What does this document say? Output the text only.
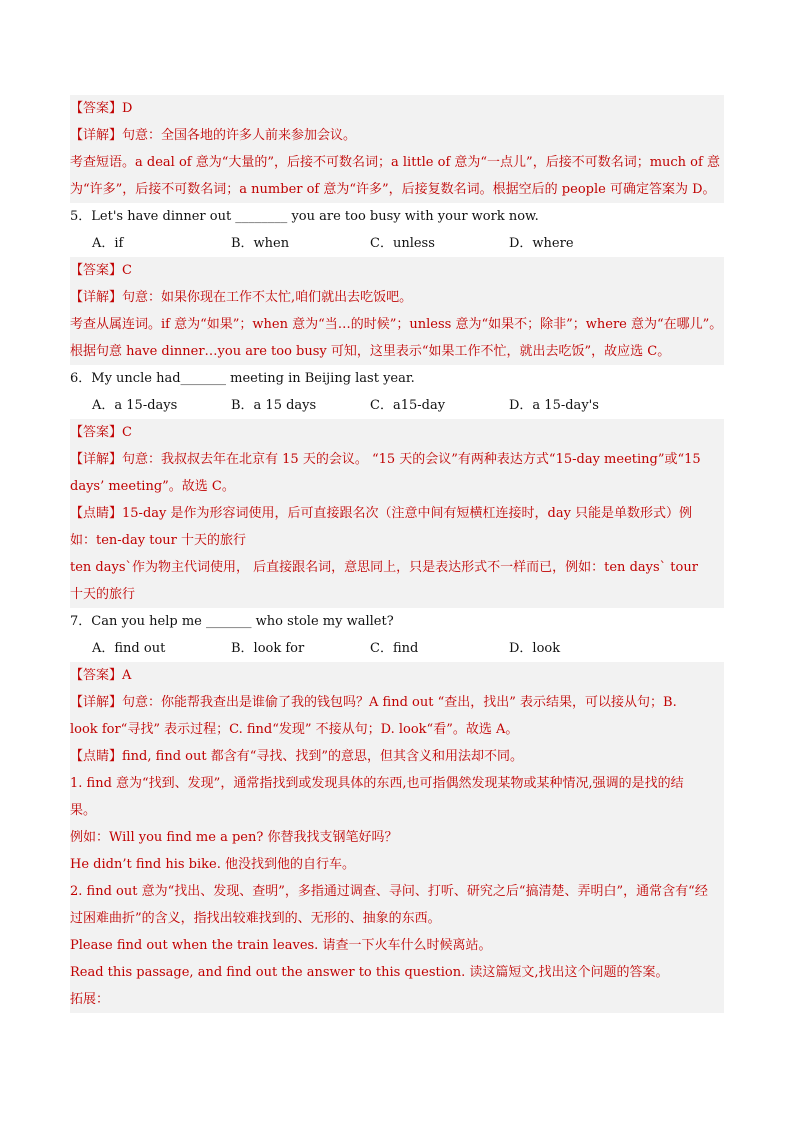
【答案】D
【详解】句意：全国各地的许多人前来参加会议。
考查短语。a deal of 意为“大量的”，后接不可数名词；a little of 意为“一点儿”，后接不可数名词；much of 意
为“许多”，后接不可数名词；a number of 意为“许多”，后接复数名词。根据空后的 people 可确定答案为 D。
5．Let's have dinner out ________ you are too busy with your work now.
A．if	B．when	C．unless	D．where
【答案】C
【详解】句意：如果你现在工作不太忙,咱们就出去吃饭吧。
考查从属连词。if 意为“如果”；when 意为“当…的时候”；unless 意为“如果不；除非”；where 意为“在哪儿”。
根据句意 have dinner…you are too busy 可知，这里表示“如果工作不忙，就出去吃饭”，故应选 C。
6．My uncle had_______ meeting in Beijing last year.
A．a 15-days	B．a 15 days	C．a15-day	D．a 15-day's
【答案】C
【详解】句意：我叔叔去年在北京有 15 天的会议。 “15 天的会议”有两种表达方式“15-day meeting”或“15
days’ meeting”。故选 C。
【点睛】15-day 是作为形容词使用，后可直接跟名次（注意中间有短横杠连接时，day 只能是单数形式）例
如：ten-day tour 十天的旅行
ten days`作为物主代词使用， 后直接跟名词，意思同上，只是表达形式不一样而已，例如：ten days` tour
十天的旅行
7．Can you help me _______ who stole my wallet?
A．find out	B．look for	C．find	D．look
【答案】A
【详解】句意：你能帮我查出是谁偷了我的钱包吗？A find out “查出，找出” 表示结果，可以接从句；B.
look for“寻找” 表示过程；C. find“发现” 不接从句；D. look“看”。故选 A。
【点睛】find, find out 都含有“寻找、找到”的意思，但其含义和用法却不同。
1. find 意为“找到、发现”，通常指找到或发现具体的东西,也可指偶然发现某物或某种情况,强调的是找的结
果。
例如：Will you find me a pen? 你替我找支钢笔好吗？
He didn’t find his bike. 他没找到他的自行车。
2. find out 意为“找出、发现、查明”，多指通过调查、寻问、打听、研究之后“搞清楚、弄明白”，通常含有“经
过困难曲折”的含义，指找出较难找到的、无形的、抽象的东西。
Please find out when the train leaves. 请查一下火车什么时候离站。
Read this passage, and find out the answer to this question. 读这篇短文,找出这个问题的答案。
拓展：
